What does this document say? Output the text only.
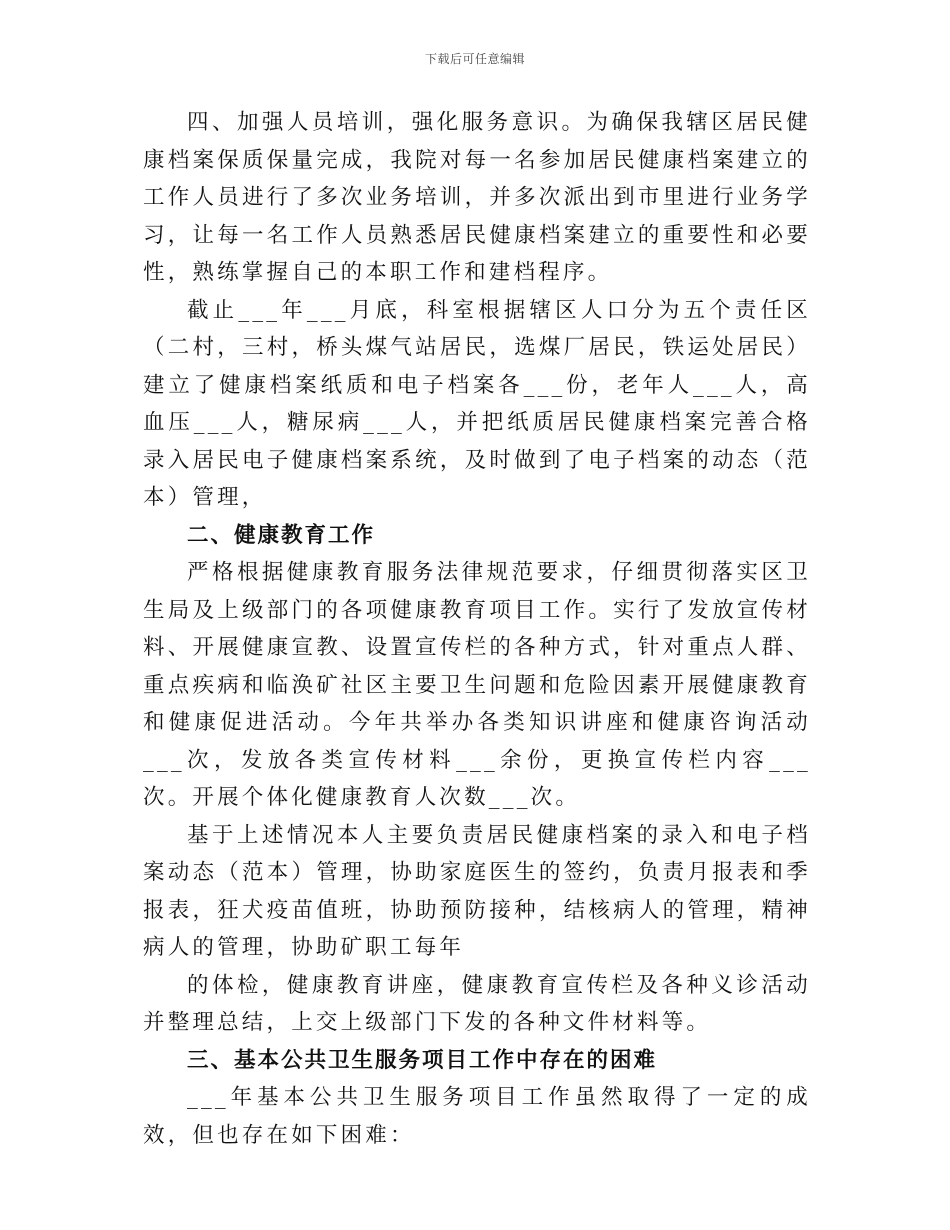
下载后可任意编辑

四、加强人员培训，强化服务意识。为确保我辖区居民健康档案保质保量完成，我院对每一名参加居民健康档案建立的工作人员进行了多次业务培训，并多次派出到市里进行业务学习，让每一名工作人员熟悉居民健康档案建立的重要性和必要性，熟练掌握自己的本职工作和建档程序。

截止___年___月底，科室根据辖区人口分为五个责任区（二村，三村，桥头煤气站居民，选煤厂居民，铁运处居民）建立了健康档案纸质和电子档案各___份，老年人___人，高血压___人，糖尿病___人，并把纸质居民健康档案完善合格录入居民电子健康档案系统，及时做到了电子档案的动态（范本）管理，

二、健康教育工作

严格根据健康教育服务法律规范要求，仔细贯彻落实区卫生局及上级部门的各项健康教育项目工作。实行了发放宣传材料、开展健康宣教、设置宣传栏的各种方式，针对重点人群、重点疾病和临涣矿社区主要卫生问题和危险因素开展健康教育和健康促进活动。今年共举办各类知识讲座和健康咨询活动___次，发放各类宣传材料___余份，更换宣传栏内容___次。开展个体化健康教育人次数___次。

基于上述情况本人主要负责居民健康档案的录入和电子档案动态（范本）管理，协助家庭医生的签约，负责月报表和季报表，狂犬疫苗值班，协助预防接种，结核病人的管理，精神病人的管理，协助矿职工每年

的体检，健康教育讲座，健康教育宣传栏及各种义诊活动并整理总结，上交上级部门下发的各种文件材料等。

三、基本公共卫生服务项目工作中存在的困难

___年基本公共卫生服务项目工作虽然取得了一定的成效，但也存在如下困难：
